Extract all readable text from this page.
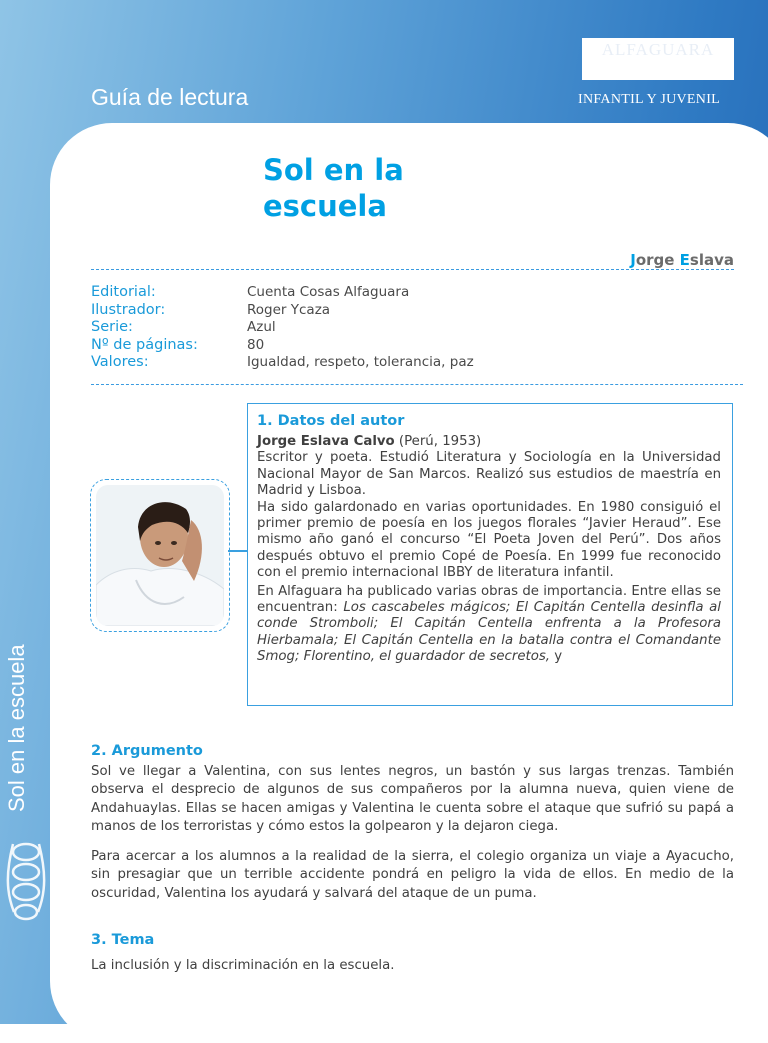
Guía de lectura
ALFAGUARA
INFANTIL Y JUVENIL
Sol en la escuela
Sol en la escuela
Jorge Eslava
Editorial:	Cuenta Cosas Alfaguara
Ilustrador:	Roger Ycaza
Serie:	Azul
Nº de páginas:	80
Valores:	Igualdad, respeto, tolerancia, paz
1. Datos del autor

Jorge Eslava Calvo (Perú, 1953)

Escritor y poeta. Estudió Literatura y Sociología en la Universidad Nacional Mayor de San Marcos. Realizó sus estudios de maestría en Madrid y Lisboa.

Ha sido galardonado en varias oportunidades. En 1980 consiguió el primer premio de poesía en los juegos florales “Javier Heraud”. Ese mismo año ganó el concurso “El Poeta Joven del Perú”. Dos años después obtuvo el premio Copé de Poesía. En 1999 fue reconocido con el premio internacional IBBY de literatura infantil.

En Alfaguara ha publicado varias obras de importancia. Entre ellas se encuentran: Los cascabeles mágicos; El Capitán Centella desinfla al conde Stromboli; El Capitán Centella enfrenta a la Profesora Hierbamala; El Capitán Centella en la batalla contra el Comandante Smog; Florentino, el guardador de secretos, y

2. Argumento

Sol ve llegar a Valentina, con sus lentes negros, un bastón y sus largas trenzas. También observa el desprecio de algunos de sus compañeros por la alumna nueva, quien viene de Andahuaylas. Ellas se hacen amigas y Valentina le cuenta sobre el ataque que sufrió su papá a manos de los terroristas y cómo estos la golpearon y la dejaron ciega.

Para acercar a los alumnos a la realidad de la sierra, el colegio organiza un viaje a Ayacucho, sin presagiar que un terrible accidente pondrá en peligro la vida de ellos. En medio de la oscuridad, Valentina los ayudará y salvará del ataque de un puma.

3. Tema

La inclusión y la discriminación en la escuela.
